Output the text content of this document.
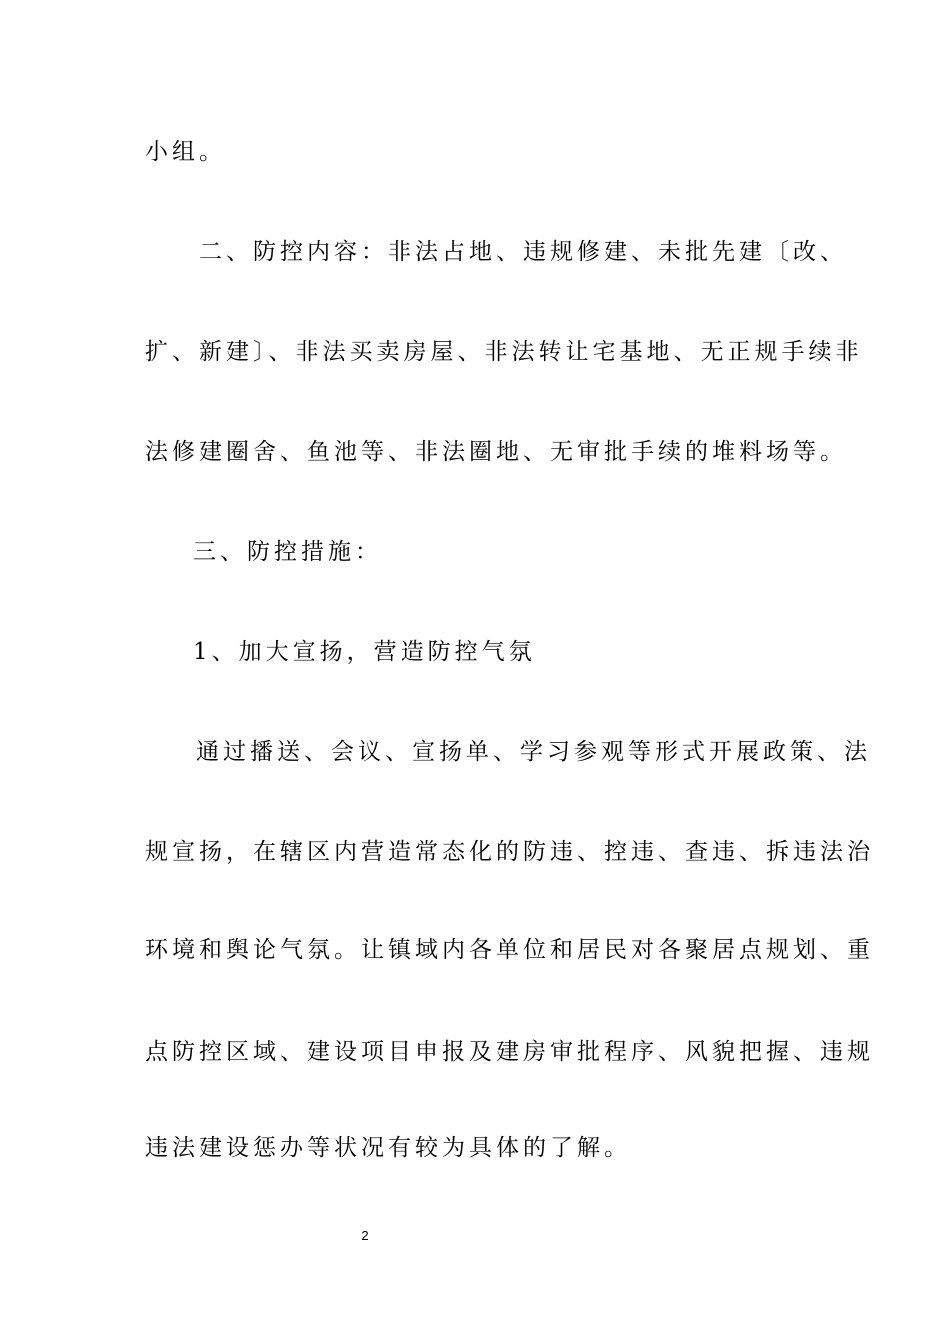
小组。
二、防控内容：非法占地、违规修建、未批先建〔改、
扩、新建〕、非法买卖房屋、非法转让宅基地、无正规手续非
法修建圈舍、鱼池等、非法圈地、无审批手续的堆料场等。
三、防控措施：
1、加大宣扬，营造防控气氛
通过播送、会议、宣扬单、学习参观等形式开展政策、法
规宣扬，在辖区内营造常态化的防违、控违、查违、拆违法治
环境和舆论气氛。让镇域内各单位和居民对各聚居点规划、重
点防控区域、建设项目申报及建房审批程序、风貌把握、违规
违法建设惩办等状况有较为具体的了解。
2
